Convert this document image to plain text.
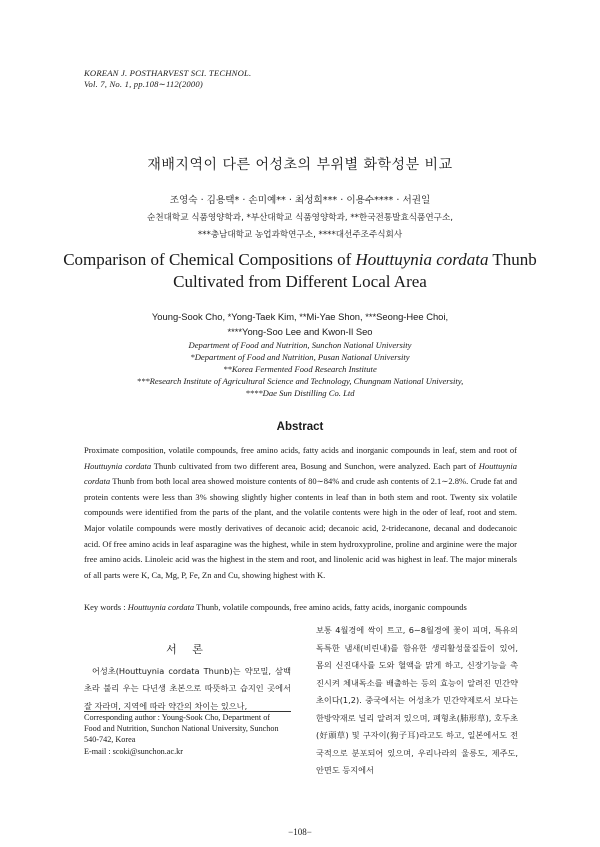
KOREAN J. POSTHARVEST SCI. TECHNOL.
Vol. 7, No. 1, pp.108∼112(2000)
재배지역이 다른 어성초의 부위별 화학성분 비교
조영숙 · 김용택* · 손미예** · 최성희*** · 이용수**** · 서권일
순천대학교 식품영양학과, *부산대학교 식품영양학과, **한국전통발효식품연구소,
***충남대학교 농업과학연구소, ****대선주조주식회사
Comparison of Chemical Compositions of Houttuynia cordata Thunb
Cultivated from Different Local Area
Young-Sook Cho, *Yong-Taek Kim, **Mi-Yae Shon, ***Seong-Hee Choi,
****Yong-Soo Lee and Kwon-Il Seo
Department of Food and Nutrition, Sunchon National University
*Department of Food and Nutrition, Pusan National University
**Korea Fermented Food Research Institute
***Research Institute of Agricultural Science and Technology, Chungnam National University,
****Dae Sun Distilling Co. Ltd
Abstract
Proximate composition, volatile compounds, free amino acids, fatty acids and inorganic compounds in leaf, stem and root of Houttuynia cordata Thunb cultivated from two different area, Bosung and Sunchon, were analyzed. Each part of Houttuynia cordata Thunb from both local area showed moisture contents of 80∼84% and crude ash contents of 2.1∼2.8%. Crude fat and protein contents were less than 3% showing slightly higher contents in leaf than in both stem and root. Twenty six volatile compounds were identified from the parts of the plant, and the volatile contents were high in the oder of leaf, root and stem. Major volatile compounds were mostly derivatives of decanoic acid; decanoic acid, 2-tridecanone, decanal and dodecanoic acid. Of free amino acids in leaf asparagine was the highest, while in stem hydroxyproline, proline and arginine were the major free amino acids. Linoleic acid was the highest in the stem and root, and linolenic acid was highest in leaf. The major minerals of all parts were K, Ca, Mg, P, Fe, Zn and Cu, showing highest with K.
Key words : Houttuynia cordata Thunb, volatile compounds, free amino acids, fatty acids, inorganic compounds
서 론

어성초(Houttuynia cordata Thunb)는 약모밀, 삼백초라 불리 우는 다년생 초본으로 따뜻하고 습지인 곳에서 잘 자라며, 지역에 따라 약간의 차이는 있으나,

보통 4월경에 싹이 트고, 6∼8월경에 꽃이 피며, 특유의 독특한 냄새(비린내)를 함유한 생리활성물질들이 있어, 몸의 신진대사를 도와 혈액을 맑게 하고, 신장기능을 촉진시켜 체내독소를 배출하는 등의 효능이 알려진 민간약초이다(1,2). 중국에서는 어성초가 민간약제로서 보다는 한방약재로 널리 알려져 있으며, 폐형초(肺形草), 호두초(好頭草) 및 구자이(狗子耳)라고도 하고, 일본에서도 전국적으로 분포되어 있으며, 우리나라의 울릉도, 제주도, 안면도 등지에서

Corresponding author : Young-Sook Cho, Department of
Food and Nutrition, Sunchon National University, Sunchon
540-742, Korea
E-mail : scoki@sunchon.ac.kr
−108−
